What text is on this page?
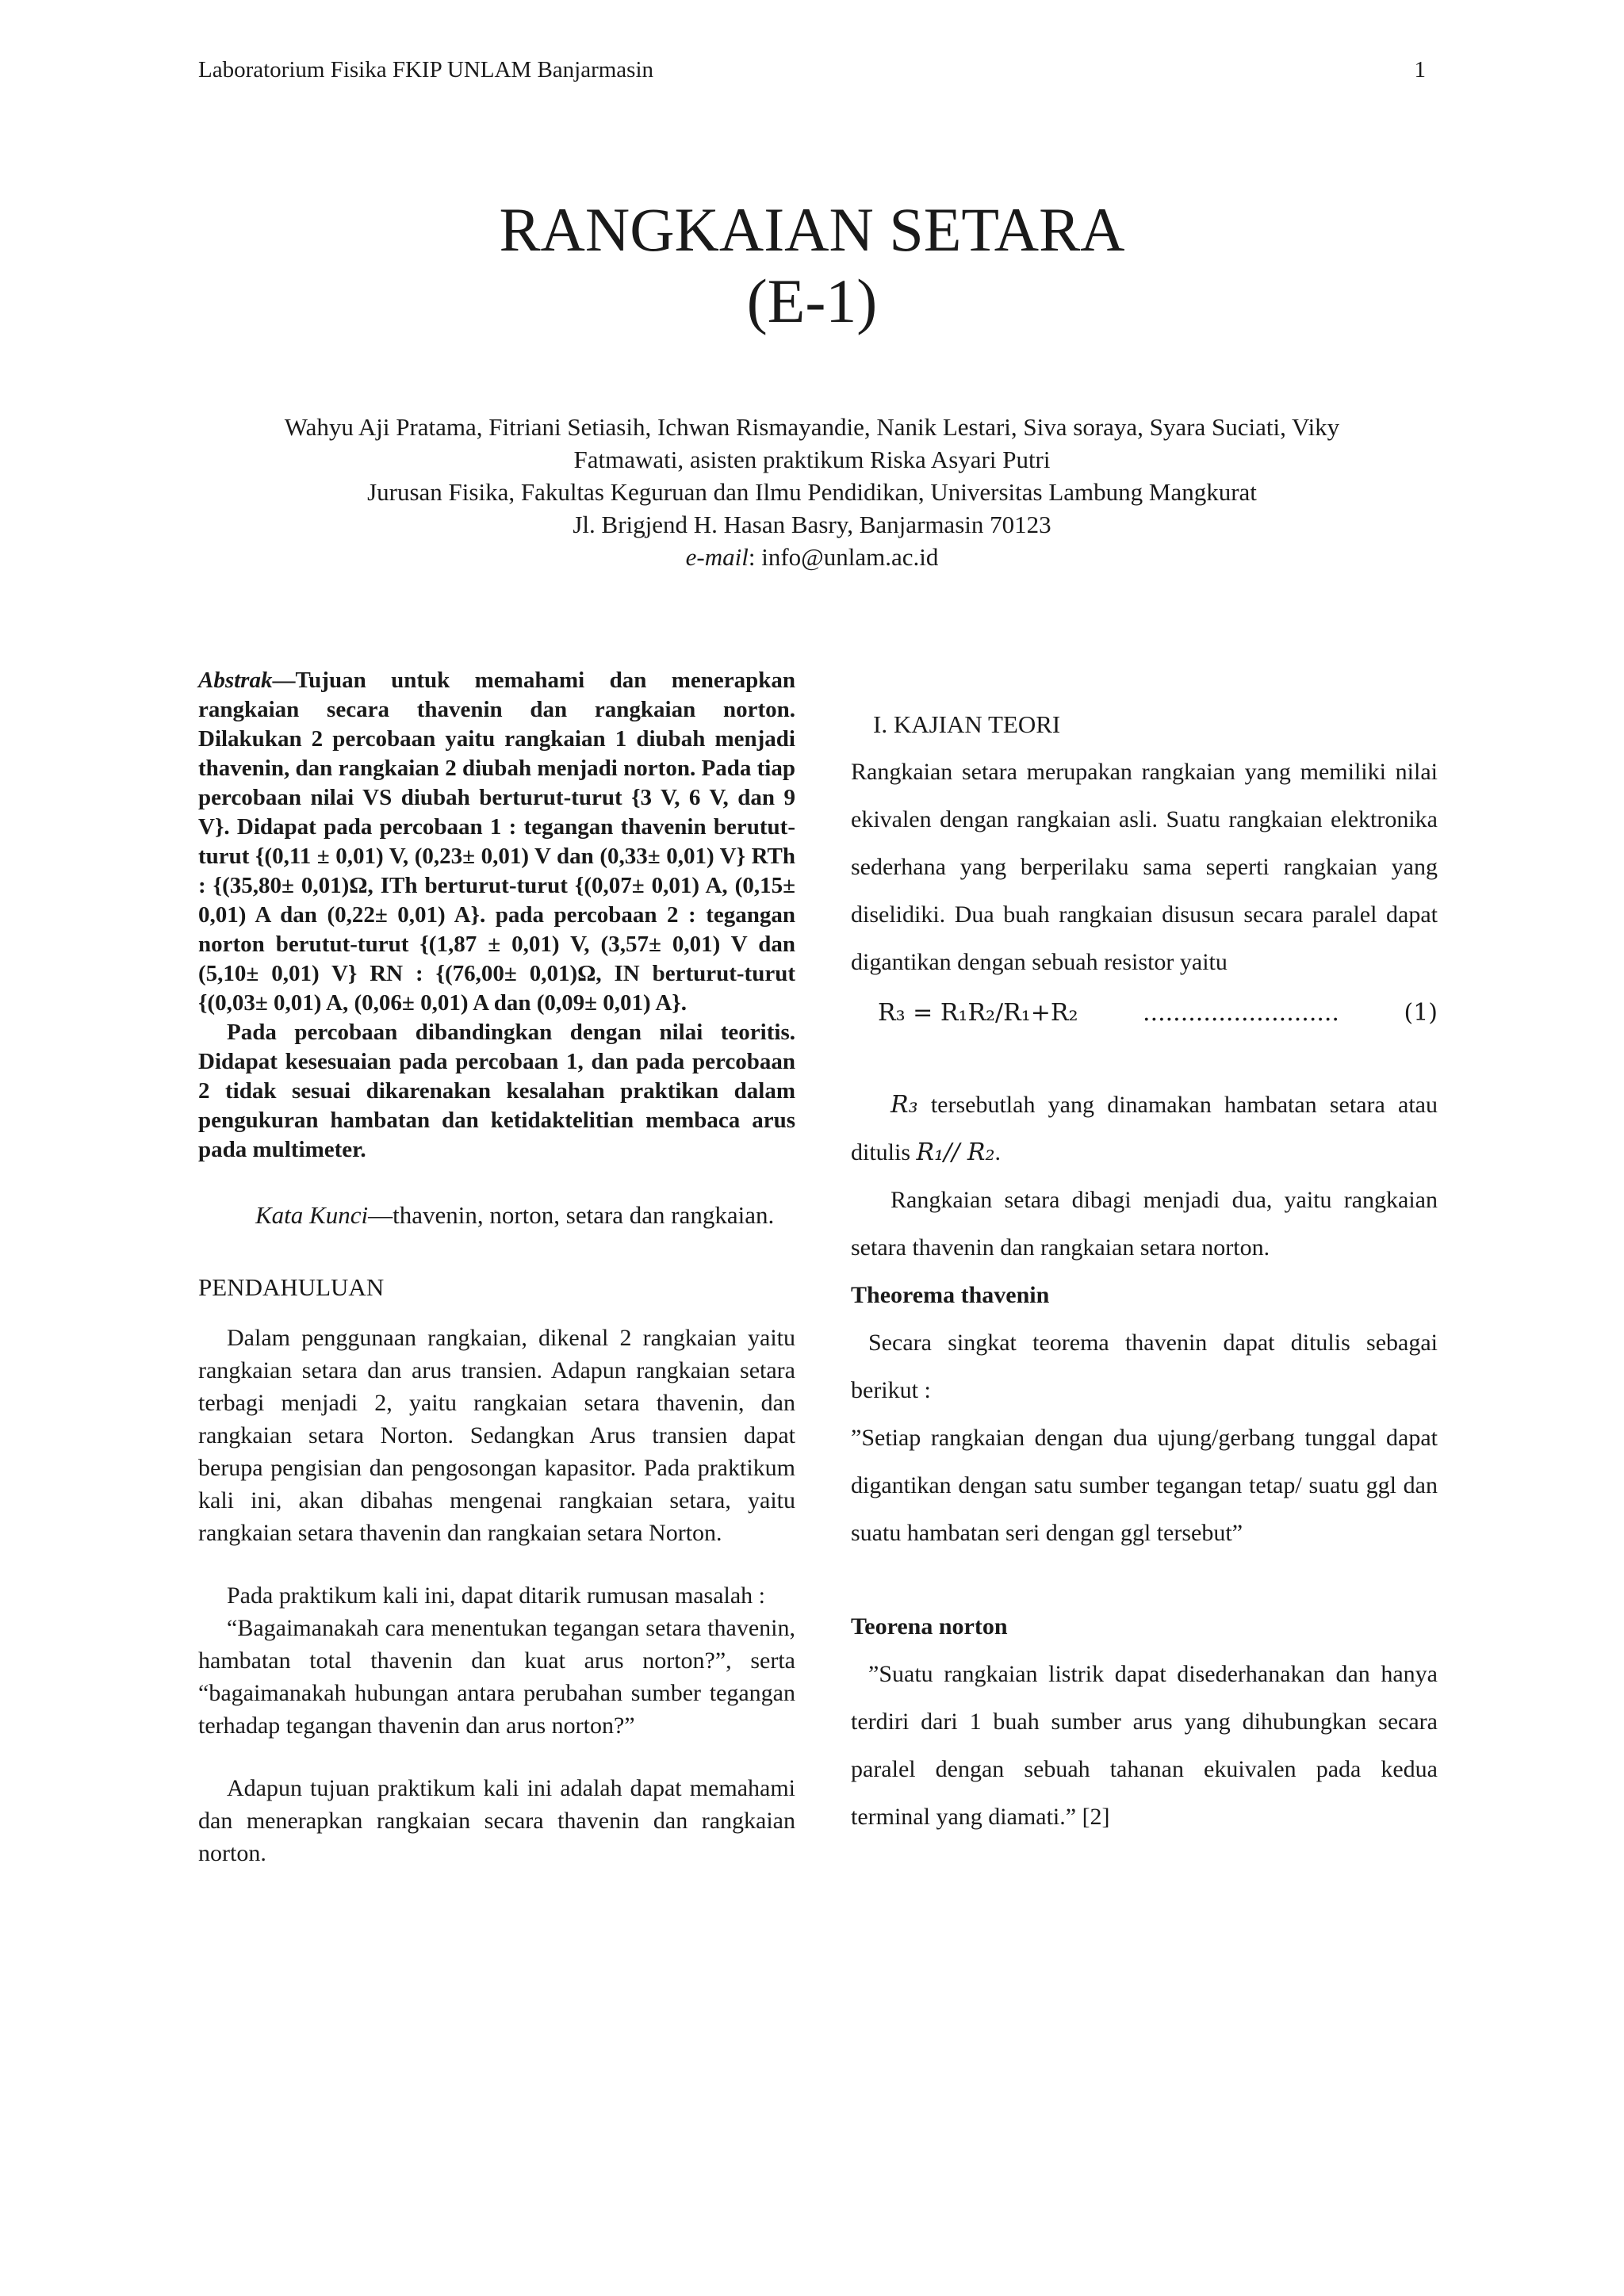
Laboratorium Fisika FKIP UNLAM Banjarmasin	1
RANGKAIAN SETARA
(E-1)
Wahyu Aji Pratama, Fitriani Setiasih, Ichwan Rismayandie, Nanik Lestari, Siva soraya, Syara Suciati, Viky
Fatmawati, asisten praktikum Riska Asyari Putri
Jurusan Fisika, Fakultas Keguruan dan Ilmu Pendidikan, Universitas Lambung Mangkurat
Jl. Brigjend H. Hasan Basry, Banjarmasin 70123
e-mail: info@unlam.ac.id

Abstrak—Tujuan untuk memahami dan menerapkan rangkaian secara thavenin dan rangkaian norton. Dilakukan 2 percobaan yaitu rangkaian 1 diubah menjadi thavenin, dan rangkaian 2 diubah menjadi norton. Pada tiap percobaan nilai VS diubah berturut-turut {3 V, 6 V, dan 9 V}. Didapat pada percobaan 1 : tegangan thavenin berutut-turut {(0,11 ± 0,01) V, (0,23± 0,01) V dan (0,33± 0,01) V} RTh : {(35,80± 0,01)Ω, ITh berturut-turut {(0,07± 0,01) A, (0,15± 0,01) A dan (0,22± 0,01) A}. pada percobaan 2 : tegangan norton berutut-turut {(1,87 ± 0,01) V, (3,57± 0,01) V dan (5,10± 0,01) V} RN : {(76,00± 0,01)Ω, IN berturut-turut {(0,03± 0,01) A, (0,06± 0,01) A dan (0,09± 0,01) A}.

Pada percobaan dibandingkan dengan nilai teoritis. Didapat kesesuaian pada percobaan 1, dan pada percobaan 2 tidak sesuai dikarenakan kesalahan praktikan dalam pengukuran hambatan dan ketidaktelitian membaca arus pada multimeter.

Kata Kunci—thavenin, norton, setara dan rangkaian.

PENDAHULUAN

Dalam penggunaan rangkaian, dikenal 2 rangkaian yaitu rangkaian setara dan arus transien. Adapun rangkaian setara terbagi menjadi 2, yaitu rangkaian setara thavenin, dan rangkaian setara Norton. Sedangkan Arus transien dapat berupa pengisian dan pengosongan kapasitor. Pada praktikum kali ini, akan dibahas mengenai rangkaian setara, yaitu rangkaian setara thavenin dan rangkaian setara Norton.

Pada praktikum kali ini, dapat ditarik rumusan masalah :

“Bagaimanakah cara menentukan tegangan setara thavenin, hambatan total thavenin dan kuat arus norton?”, serta “bagaimanakah hubungan antara perubahan sumber tegangan terhadap tegangan thavenin dan arus norton?”

Adapun tujuan praktikum kali ini adalah dapat memahami dan menerapkan rangkaian secara thavenin dan rangkaian norton.

I. KAJIAN TEORI

Rangkaian setara merupakan rangkaian yang memiliki nilai ekivalen dengan rangkaian asli. Suatu rangkaian elektronika sederhana yang berperilaku sama seperti rangkaian yang diselidiki. Dua buah rangkaian disusun secara paralel dapat digantikan dengan sebuah resistor yaitu

R₃ = R₁R₂/R₁+R₂	..........................	(1)

R₃ tersebutlah yang dinamakan hambatan setara atau ditulis R₁// R₂.

Rangkaian setara dibagi menjadi dua, yaitu rangkaian setara thavenin dan rangkaian setara norton.

Theorema thavenin

Secara singkat teorema thavenin dapat ditulis sebagai berikut :

”Setiap rangkaian dengan dua ujung/gerbang tunggal dapat digantikan dengan satu sumber tegangan tetap/ suatu ggl dan suatu hambatan seri dengan ggl tersebut”

Teorena norton

”Suatu rangkaian listrik dapat disederhanakan dan hanya terdiri dari 1 buah sumber arus yang dihubungkan secara paralel dengan sebuah tahanan ekuivalen pada kedua terminal yang diamati.” [2]
